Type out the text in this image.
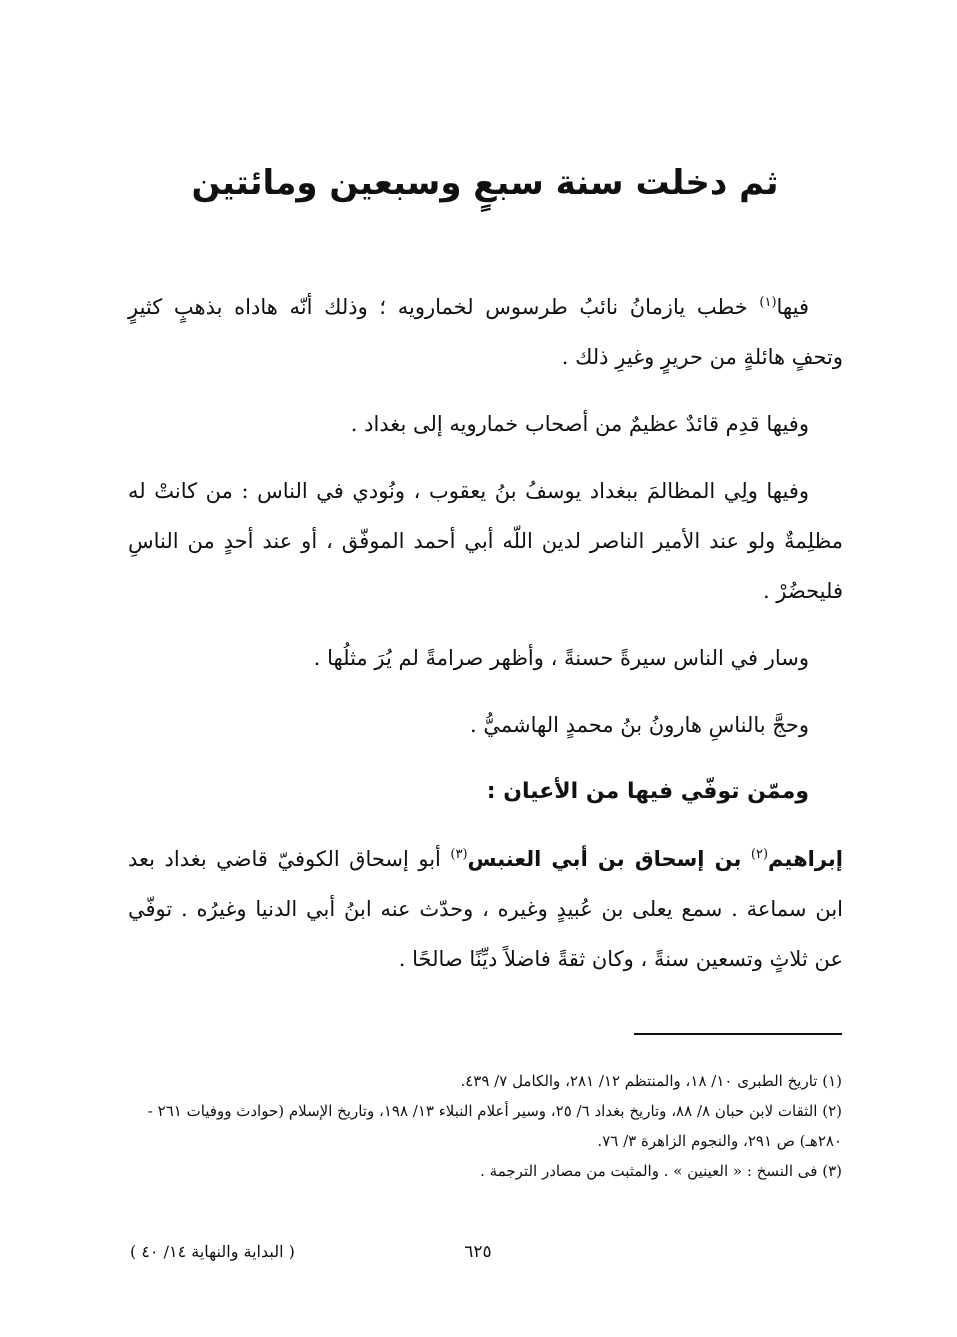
ثم دخلت سنة سبعٍ وسبعين ومائتين

فيها$^{(١)}$ خطب يازمانُ نائبُ طرسوس لخمارويه ؛ وذلك أنّه هاداه بذهبٍ كثيرٍ وتحفٍ هائلةٍ من حريرٍ وغيرِ ذلك .

وفيها قدِم قائدٌ عظيمٌ من أصحاب خمارويه إلى بغداد .

وفيها ولِي المظالمَ ببغداد يوسفُ بنُ يعقوب ، ونُودي في الناس : من كانتْ له مظلِمةٌ ولو عند الأمير الناصر لدين اللّه أبي أحمد الموفّق ، أو عند أحدٍ من الناسِ فليحضُرْ .

وسار في الناس سيرةً حسنةً ، وأظهر صرامةً لم يُرَ مثلُها .

وحجَّ بالناسِ هارونُ بنُ محمدٍ الهاشميُّ .

وممّن توفّي فيها من الأعيان :

إبراهيم$^{(٢)}$ بن إسحاق بن أبي العنبس$^{(٣)}$ أبو إسحاق الكوفيّ قاضي بغداد بعد ابن سماعة . سمع يعلى بن عُبيدٍ وغيره ، وحدّث عنه ابنُ أبي الدنيا وغيرُه . توفّي عن ثلاثٍ وتسعين سنةً ، وكان ثقةً فاضلاً ديِّنًا صالحًا .

(١) تاريخ الطبرى ١٠/ ١٨، والمنتظم ١٢/ ٢٨١، والكامل ٧/ ٤٣٩.
(٢) الثقات لابن حبان ٨/ ٨٨، وتاريخ بغداد ٦/ ٢٥، وسير أعلام النبلاء ١٣/ ١٩٨، وتاريخ الإسلام (حوادث ووفيات ٢٦١ - ٢٨٠هـ) ص ٢٩١، والنجوم الزاهرة ٣/ ٧٦.
(٣) فى النسخ : « العينين » . والمثبت من مصادر الترجمة .
( البداية والنهاية ١٤/ ٤٠ )	٦٢٥
